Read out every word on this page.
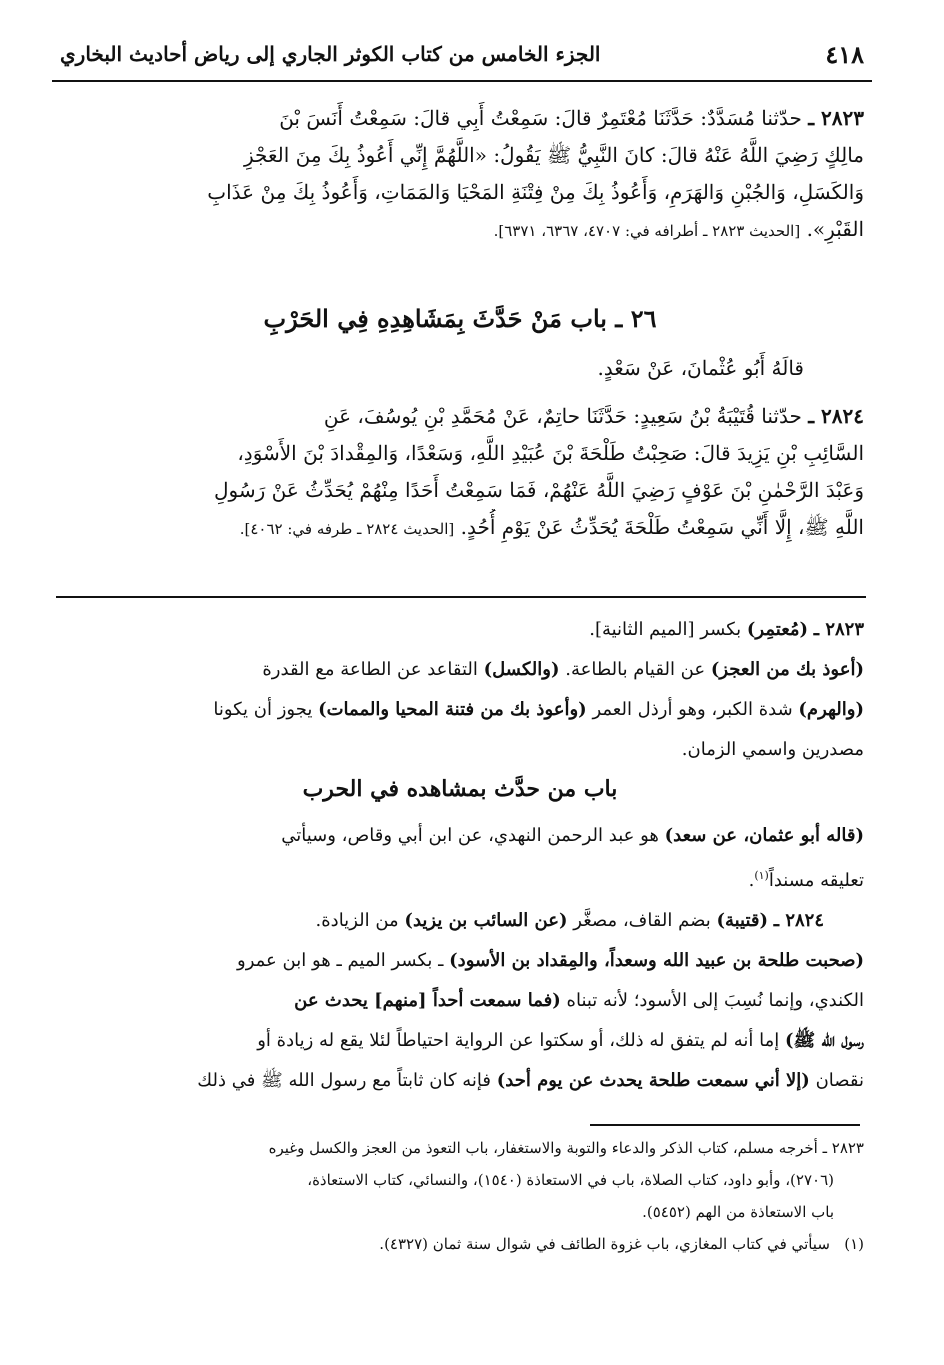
٤١٨
الجزء الخامس من كتاب الكوثر الجاري إلى رياض أحاديث البخاري
٢٨٢٣ ـ حدّثنا مُسَدَّدٌ: حَدَّثَنَا مُعْتَمِرٌ قالَ: سَمِعْتُ أَبِي قالَ: سَمِعْتُ أَنَسَ بْنَ
مالِكٍ رَضِيَ اللَّهُ عَنْهُ قالَ: كانَ النَّبِيُّ ﷺ يَقُولُ: «اللَّهُمَّ إِنِّي أَعُوذُ بِكَ مِنَ العَجْزِ
وَالكَسَلِ، وَالجُبْنِ وَالهَرَمِ، وَأَعُوذُ بِكَ مِنْ فِتْنَةِ المَحْيَا وَالمَمَاتِ، وَأَعُوذُ بِكَ مِنْ عَذَابِ
القَبْرِ». [الحديث ٢٨٢٣ ـ أطرافه في: ٤٧٠٧، ٦٣٦٧، ٦٣٧١].
٢٦ ـ باب مَنْ حَدَّثَ بِمَشَاهِدِهِ فِي الحَرْبِ
قالَهُ أَبُو عُثْمانَ، عَنْ سَعْدٍ.
٢٨٢٤ ـ حدّثنا قُتَيْبَةُ بْنُ سَعِيدٍ: حَدَّثَنَا حاتِمٌ، عَنْ مُحَمَّدِ بْنِ يُوسُفَ، عَنِ
السَّائِبِ بْنِ يَزِيدَ قالَ: صَحِبْتُ طَلْحَةَ بْنَ عُبَيْدِ اللَّهِ، وَسَعْدًا، وَالمِقْدادَ بْنَ الأَسْوَدِ،
وَعَبْدَ الرَّحْمٰنِ بْنَ عَوْفٍ رَضِيَ اللَّهُ عَنْهُمْ، فَمَا سَمِعْتُ أَحَدًا مِنْهُمْ يُحَدِّثُ عَنْ رَسُولِ
اللَّهِ ﷺ، إِلَّا أَنِّي سَمِعْتُ طَلْحَةَ يُحَدِّثُ عَنْ يَوْمِ أُحُدٍ. [الحديث ٢٨٢٤ ـ طرفه في: ٤٠٦٢].
٢٨٢٣ ـ (مُعتمِر) بكسر [الميم الثانية].
(أعوذ بك من العجز) عن القيام بالطاعة. (والكسل) التقاعد عن الطاعة مع القدرة
(والهرم) شدة الكبر، وهو أرذل العمر (وأعوذ بك من فتنة المحيا والممات) يجوز أن يكونا
مصدرين واسمي الزمان.
باب من حدَّث بمشاهده في الحرب
(قاله أبو عثمان، عن سعد) هو عبد الرحمن النهدي، عن ابن أبي وقاص، وسيأتي
تعليقه مسنداً$^{(١)}$.
٢٨٢٤ ـ (قتيبة) بضم القاف، مصغَّر (عن السائب بن يزيد) من الزيادة.
(صحبت طلحة بن عبيد الله وسعداً، والمِقداد بن الأسود) ـ بكسر الميم ـ هو ابن عمرو
الكندي، وإنما نُسِبَ إلى الأسود؛ لأنه تبناه (فما سمعت أحداً [منهم] يحدث عن
رسول الله ﷺ) إما أنه لم يتفق له ذلك، أو سكتوا عن الرواية احتياطاً لئلا يقع له زيادة أو
نقصان (إلا أني سمعت طلحة يحدث عن يوم أحد) فإنه كان ثابتاً مع رسول الله ﷺ في ذلك
٢٨٢٣ ـ أخرجه مسلم، كتاب الذكر والدعاء والتوبة والاستغفار، باب التعوذ من العجز والكسل وغيره
(٢٧٠٦)، وأبو داود، كتاب الصلاة، باب في الاستعاذة (١٥٤٠)، والنسائي، كتاب الاستعاذة،
باب الاستعاذة من الهم (٥٤٥٢).
(١)   سيأتي في كتاب المغازي، باب غزوة الطائف في شوال سنة ثمان (٤٣٢٧).
